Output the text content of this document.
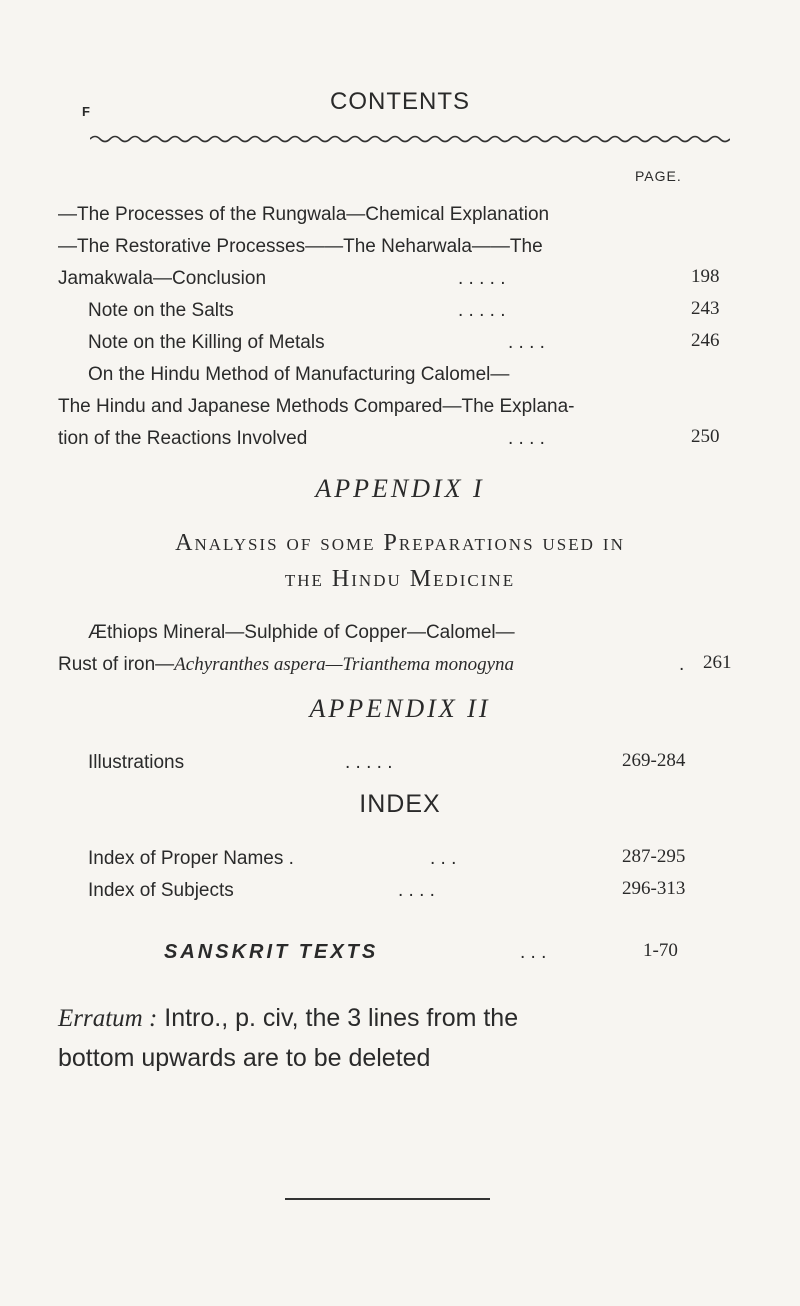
F	CONTENTS
PAGE.
—The Processes of the Rungwala—Chemical Explanation
—The Restorative Processes——The Neharwala——The
Jamakwala—Conclusion	. . . . .	198
Note on the Salts	. . . . .	243
Note on the Killing of Metals	. . . .	246
On the Hindu Method of Manufacturing Calomel—
The Hindu and Japanese Methods Compared—The Explana-
tion of the Reactions Involved	. . . .	250
APPENDIX I
Analysis of some Preparations used in
the Hindu Medicine
Æthiops Mineral—Sulphide of Copper—Calomel—
Rust of iron—Achyranthes aspera—Trianthema monogyna	. 261
APPENDIX II
Illustrations	. . . . .	269-284
INDEX
Index of Proper Names .	. . .	287-295
Index of Subjects	. . . .	296-313
SANSKRIT TEXTS	. . .	1-70
Erratum : Intro., p. civ, the 3 lines from the
bottom upwards are to be deleted
